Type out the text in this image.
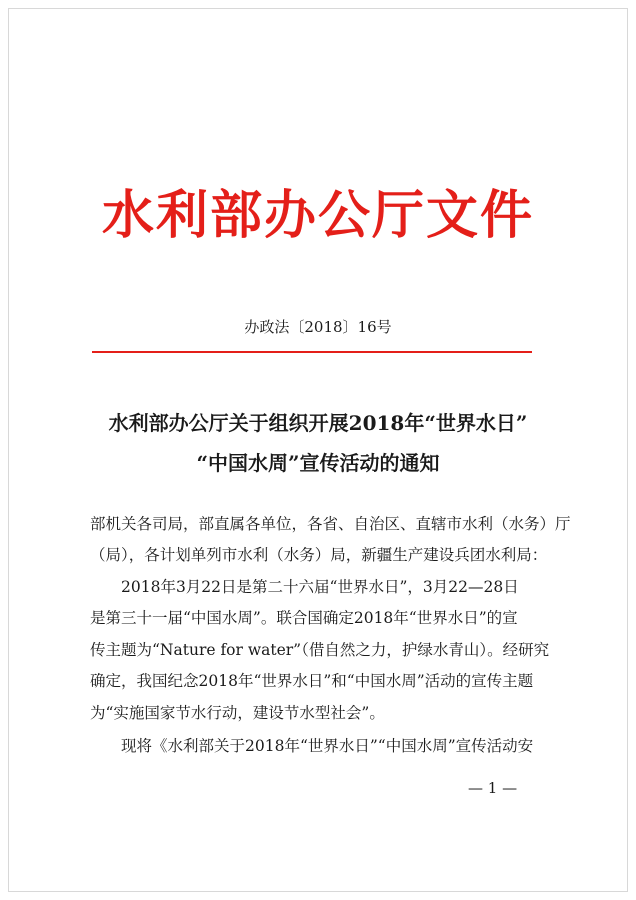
水利部办公厅文件
办政法〔2018〕16号
水利部办公厅关于组织开展2018年“世界水日”
“中国水周”宣传活动的通知
部机关各司局，部直属各单位，各省、自治区、直辖市水利（水务）厅
（局），各计划单列市水利（水务）局，新疆生产建设兵团水利局：
　　2018年3月22日是第二十六届“世界水日”，3月22—28日
是第三十一届“中国水周”。联合国确定2018年“世界水日”的宣
传主题为“Nature for water”（借自然之力，护绿水青山）。经研究
确定，我国纪念2018年“世界水日”和“中国水周”活动的宣传主题
为“实施国家节水行动，建设节水型社会”。
　　现将《水利部关于2018年“世界水日”“中国水周”宣传活动安
— 1 —
